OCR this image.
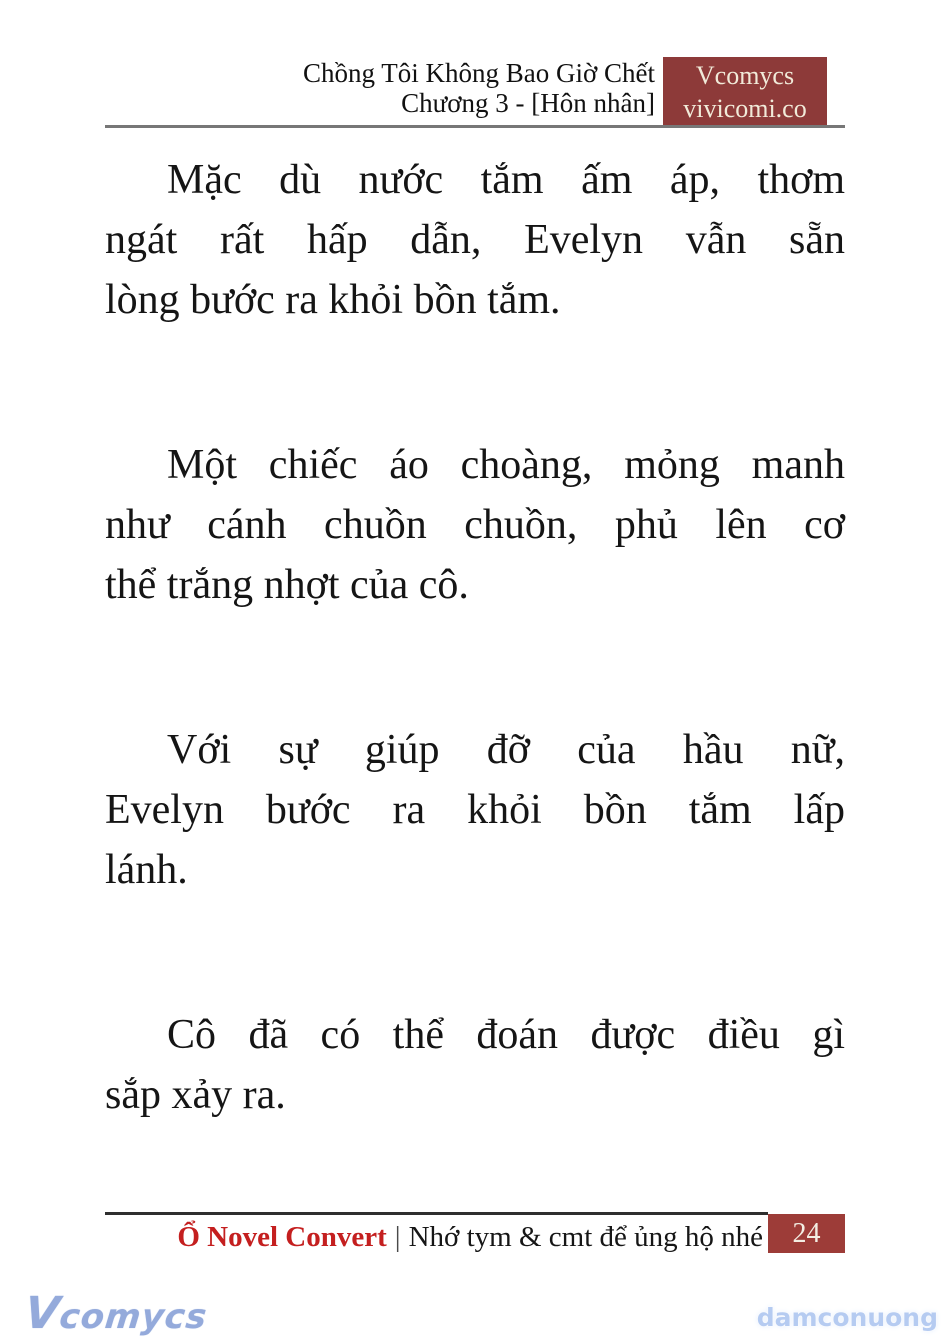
Chồng Tôi Không Bao Giờ Chết
Chương 3 - [Hôn nhân]
Vcomycs
vivicomi.co
Mặc dù nước tắm ấm áp, thơm
ngát rất hấp dẫn, Evelyn vẫn sẵn
lòng bước ra khỏi bồn tắm.
Một chiếc áo choàng, mỏng manh
như cánh chuồn chuồn, phủ lên cơ
thể trắng nhợt của cô.
Với sự giúp đỡ của hầu nữ,
Evelyn bước ra khỏi bồn tắm lấp
lánh.
Cô đã có thể đoán được điều gì
sắp xảy ra.
Ổ Novel Convert | Nhớ tym & cmt để ủng hộ nhé	24
Vcomycs	damconuong
